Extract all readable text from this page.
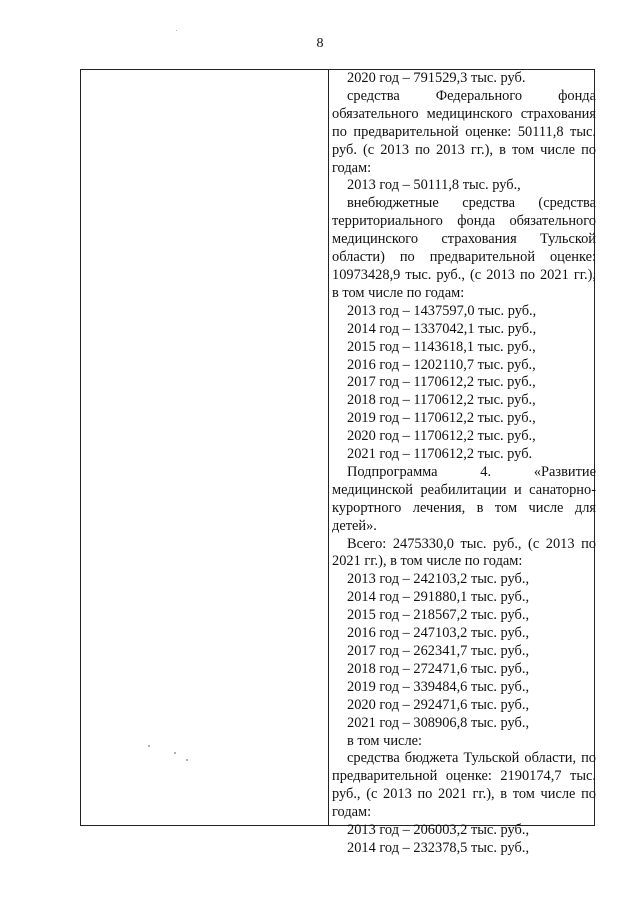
8

2020 год – 791529,3 тыс. руб.

средства Федерального фонда обязательного медицинского страхования по предварительной оценке: 50111,8 тыс. руб. (с 2013 по 2013 гг.), в том числе по годам:

2013 год – 50111,8 тыс. руб.,

внебюджетные средства (средства территориального фонда обязательного медицинского страхования Тульской области) по предварительной оценке: 10973428,9 тыс. руб., (с 2013 по 2021 гг.), в том числе по годам:

2013 год – 1437597,0 тыс. руб.,

2014 год – 1337042,1 тыс. руб.,

2015 год – 1143618,1 тыс. руб.,

2016 год – 1202110,7 тыс. руб.,

2017 год – 1170612,2 тыс. руб.,

2018 год – 1170612,2 тыс. руб.,

2019 год – 1170612,2 тыс. руб.,

2020 год – 1170612,2 тыс. руб.,

2021 год – 1170612,2 тыс. руб.

Подпрограмма 4. «Развитие медицинской реабилитации и санаторно-курортного лечения, в том числе для детей».

Всего: 2475330,0 тыс. руб., (с 2013 по 2021 гг.), в том числе по годам:

2013 год – 242103,2 тыс. руб.,

2014 год – 291880,1 тыс. руб.,

2015 год – 218567,2 тыс. руб.,

2016 год – 247103,2 тыс. руб.,

2017 год – 262341,7 тыс. руб.,

2018 год – 272471,6 тыс. руб.,

2019 год – 339484,6 тыс. руб.,

2020 год – 292471,6 тыс. руб.,

2021 год – 308906,8 тыс. руб.,

в том числе:

средства бюджета Тульской области, по предварительной оценке: 2190174,7 тыс. руб., (с 2013 по 2021 гг.), в том числе по годам:

2013 год – 206003,2 тыс. руб.,

2014 год – 232378,5 тыс. руб.,
